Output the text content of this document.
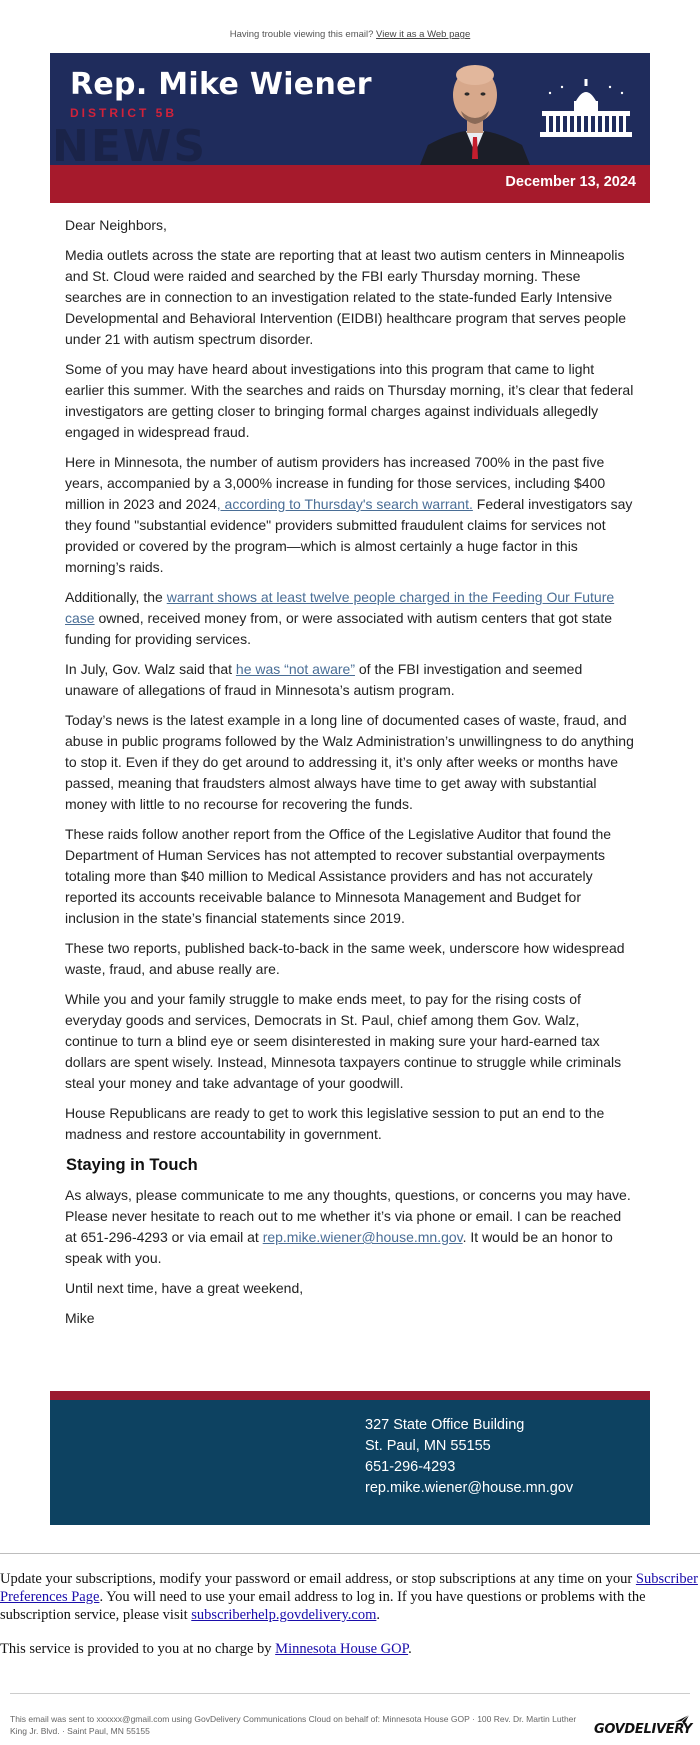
Having trouble viewing this email? View it as a Web page
Rep. Mike Wiener
DISTRICT 5B
NEWS
December 13, 2024

Dear Neighbors,

Media outlets across the state are reporting that at least two autism centers in Minneapolis and St. Cloud were raided and searched by the FBI early Thursday morning. These searches are in connection to an investigation related to the state-funded Early Intensive Developmental and Behavioral Intervention (EIDBI) healthcare program that serves people under 21 with autism spectrum disorder.

Some of you may have heard about investigations into this program that came to light earlier this summer. With the searches and raids on Thursday morning, it’s clear that federal investigators are getting closer to bringing formal charges against individuals allegedly engaged in widespread fraud.

Here in Minnesota, the number of autism providers has increased 700% in the past five years, accompanied by a 3,000% increase in funding for those services, including $400 million in 2023 and 2024, according to Thursday's search warrant. Federal investigators say they found "substantial evidence" providers submitted fraudulent claims for services not provided or covered by the program—which is almost certainly a huge factor in this morning’s raids.

Additionally, the warrant shows at least twelve people charged in the Feeding Our Future case owned, received money from, or were associated with autism centers that got state funding for providing services.

In July, Gov. Walz said that he was “not aware” of the FBI investigation and seemed unaware of allegations of fraud in Minnesota’s autism program.

Today’s news is the latest example in a long line of documented cases of waste, fraud, and abuse in public programs followed by the Walz Administration’s unwillingness to do anything to stop it. Even if they do get around to addressing it, it’s only after weeks or months have passed, meaning that fraudsters almost always have time to get away with substantial money with little to no recourse for recovering the funds.

These raids follow another report from the Office of the Legislative Auditor that found the Department of Human Services has not attempted to recover substantial overpayments totaling more than $40 million to Medical Assistance providers and has not accurately reported its accounts receivable balance to Minnesota Management and Budget for inclusion in the state’s financial statements since 2019.

These two reports, published back-to-back in the same week, underscore how widespread waste, fraud, and abuse really are.

While you and your family struggle to make ends meet, to pay for the rising costs of everyday goods and services, Democrats in St. Paul, chief among them Gov. Walz, continue to turn a blind eye or seem disinterested in making sure your hard-earned tax dollars are spent wisely. Instead, Minnesota taxpayers continue to struggle while criminals steal your money and take advantage of your goodwill.

House Republicans are ready to get to work this legislative session to put an end to the madness and restore accountability in government.

Staying in Touch

As always, please communicate to me any thoughts, questions, or concerns you may have. Please never hesitate to reach out to me whether it’s via phone or email. I can be reached at 651-296-4293 or via email at rep.mike.wiener@house.mn.gov. It would be an honor to speak with you.

Until next time, have a great weekend,

Mike

327 State Office Building
St. Paul, MN 55155
651-296-4293
rep.mike.wiener@house.mn.gov

Update your subscriptions, modify your password or email address, or stop subscriptions at any time on your Subscriber Preferences Page. You will need to use your email address to log in. If you have questions or problems with the subscription service, please visit subscriberhelp.govdelivery.com.

This service is provided to you at no charge by Minnesota House GOP.

This email was sent to xxxxxx@gmail.com using GovDelivery Communications Cloud on behalf of: Minnesota House GOP · 100 Rev. Dr. Martin Luther King Jr. Blvd. · Saint Paul, MN 55155	GOVDELIVERY
